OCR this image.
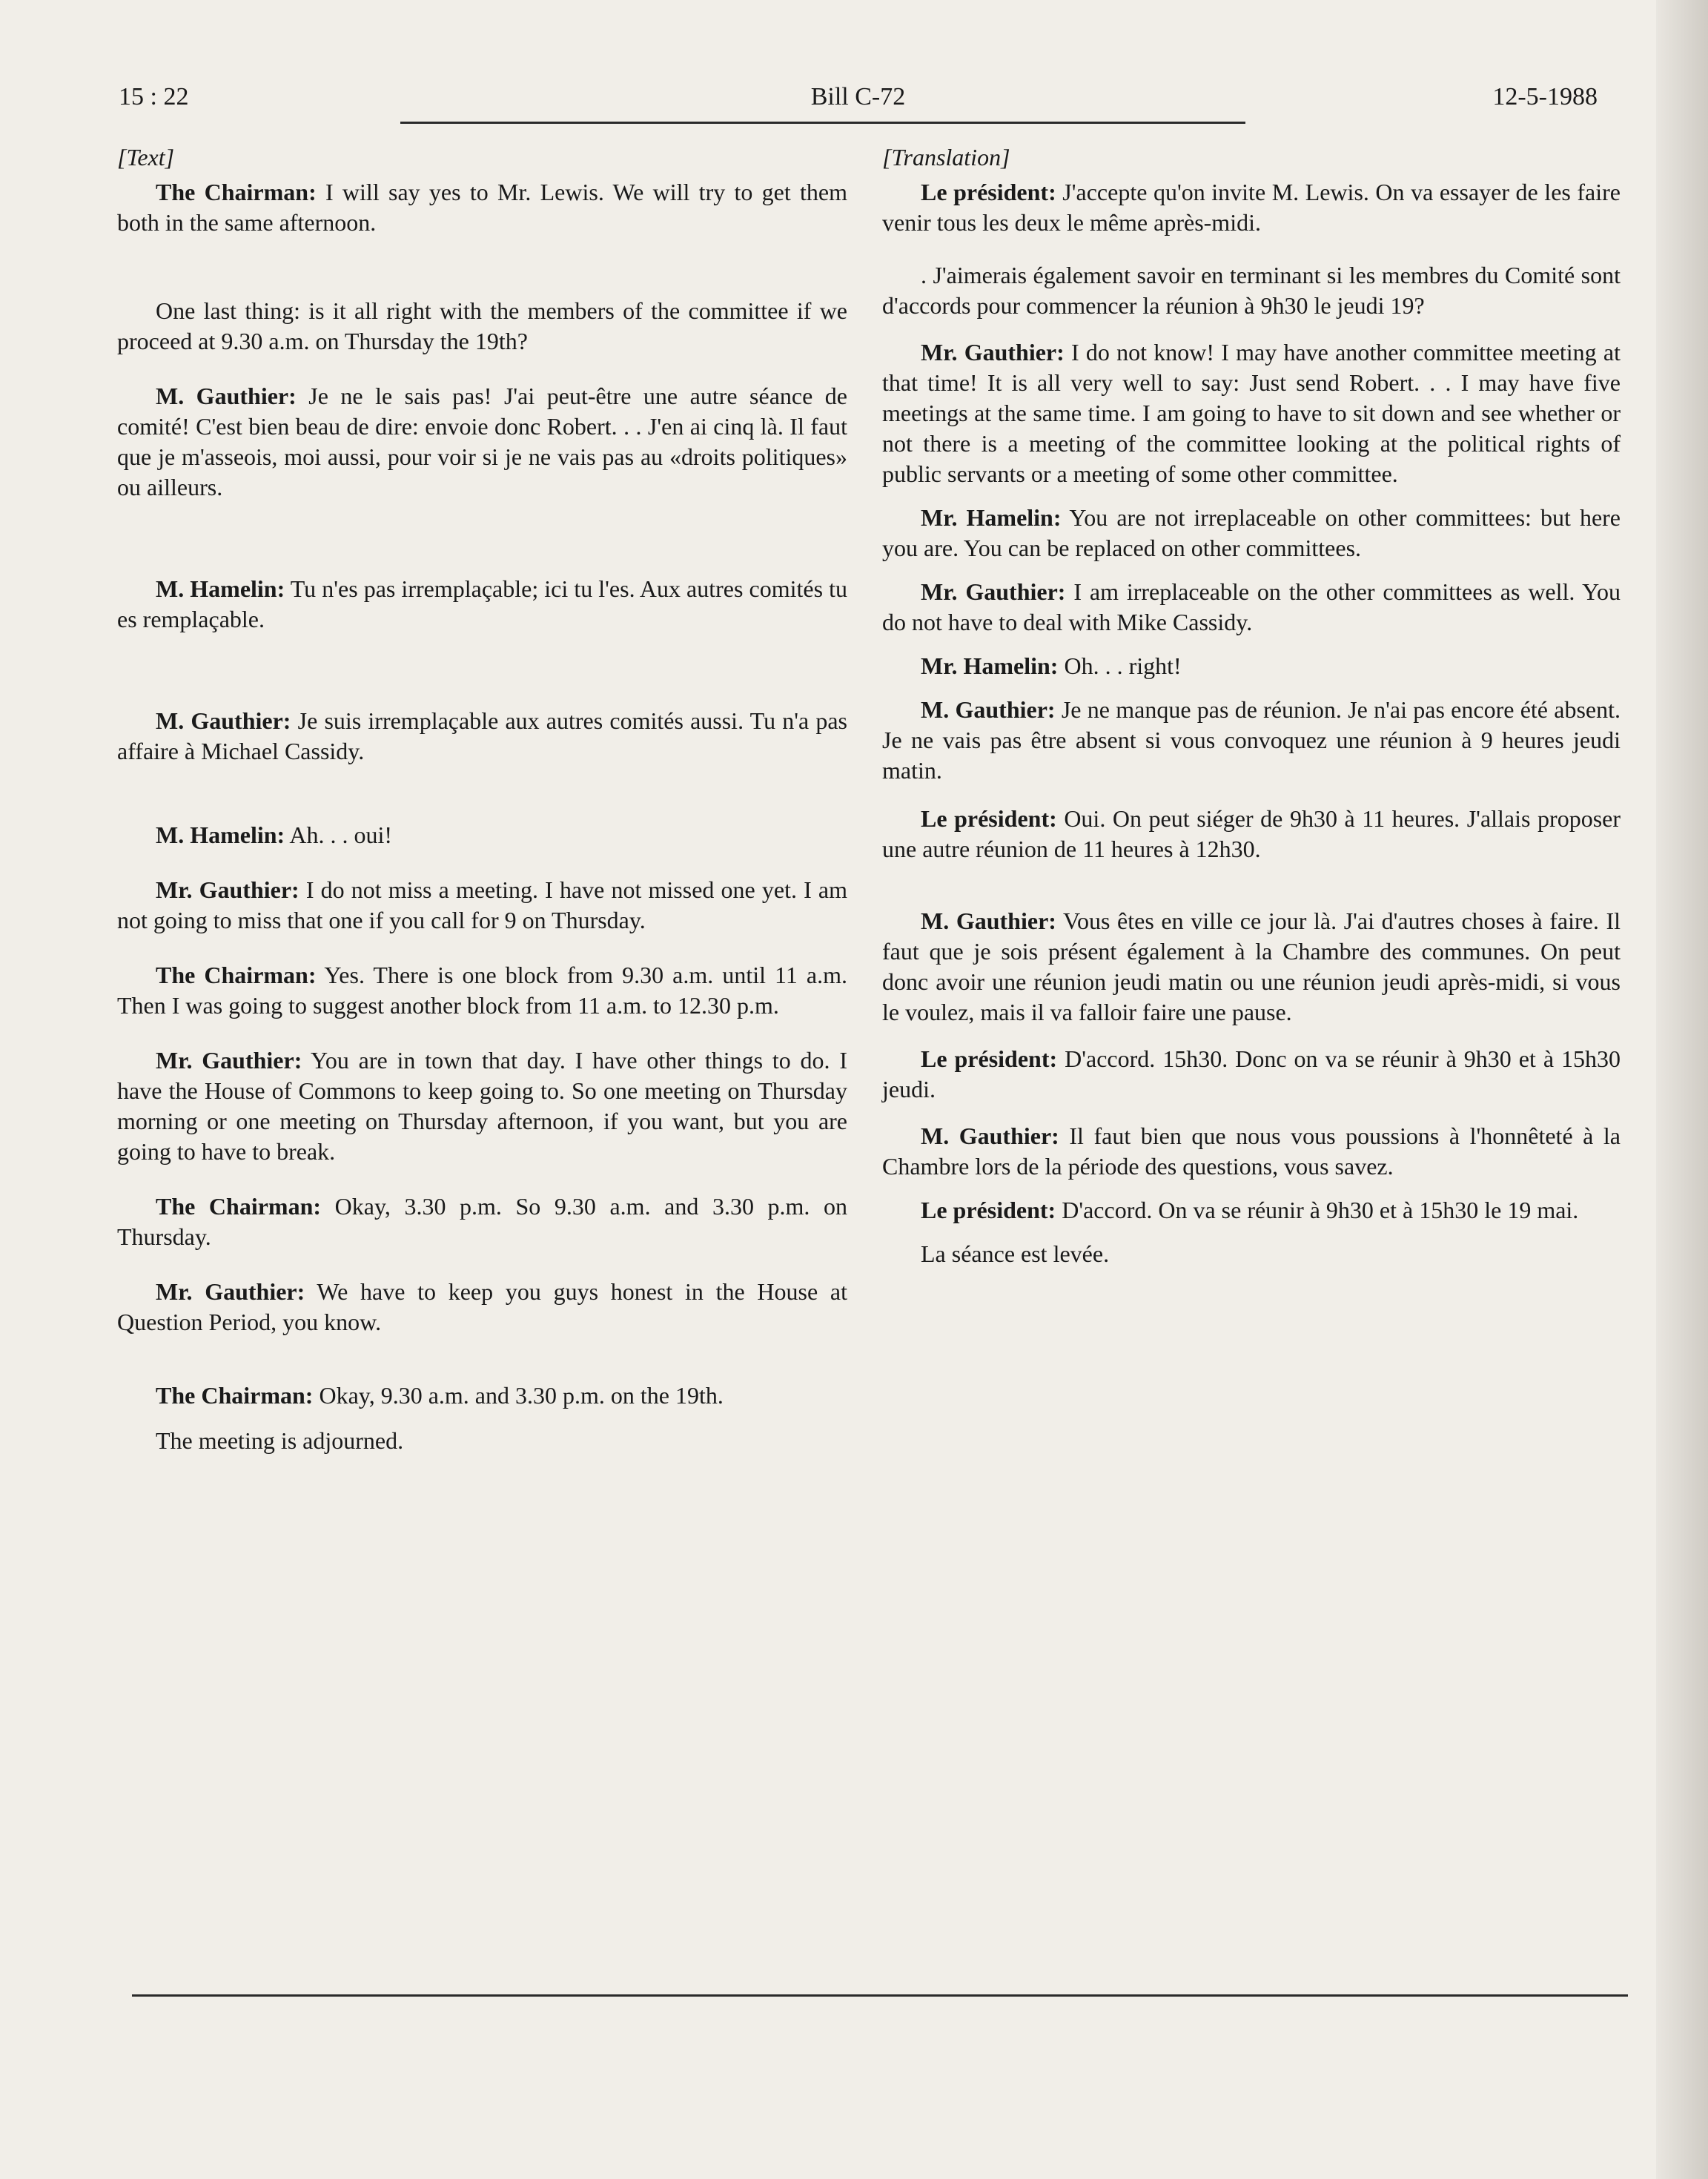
15 : 22	Bill C-72	12-5-1988
[Text]

The Chairman: I will say yes to Mr. Lewis. We will try to get them both in the same afternoon.

One last thing: is it all right with the members of the committee if we proceed at 9.30 a.m. on Thursday the 19th?

M. Gauthier: Je ne le sais pas! J'ai peut-être une autre séance de comité! C'est bien beau de dire: envoie donc Robert. . . J'en ai cinq là. Il faut que je m'asseois, moi aussi, pour voir si je ne vais pas au «droits politiques» ou ailleurs.

M. Hamelin: Tu n'es pas irremplaçable; ici tu l'es. Aux autres comités tu es remplaçable.

M. Gauthier: Je suis irremplaçable aux autres comités aussi. Tu n'a pas affaire à Michael Cassidy.

M. Hamelin: Ah. . . oui!

Mr. Gauthier: I do not miss a meeting. I have not missed one yet. I am not going to miss that one if you call for 9 on Thursday.

The Chairman: Yes. There is one block from 9.30 a.m. until 11 a.m. Then I was going to suggest another block from 11 a.m. to 12.30 p.m.

Mr. Gauthier: You are in town that day. I have other things to do. I have the House of Commons to keep going to. So one meeting on Thursday morning or one meeting on Thursday afternoon, if you want, but you are going to have to break.

The Chairman: Okay, 3.30 p.m. So 9.30 a.m. and 3.30 p.m. on Thursday.

Mr. Gauthier: We have to keep you guys honest in the House at Question Period, you know.

The Chairman: Okay, 9.30 a.m. and 3.30 p.m. on the 19th.

The meeting is adjourned.

[Translation]

Le président: J'accepte qu'on invite M. Lewis. On va essayer de les faire venir tous les deux le même après-midi.

. J'aimerais également savoir en terminant si les membres du Comité sont d'accords pour commencer la réunion à 9h30 le jeudi 19?

Mr. Gauthier: I do not know! I may have another committee meeting at that time! It is all very well to say: Just send Robert. . . I may have five meetings at the same time. I am going to have to sit down and see whether or not there is a meeting of the committee looking at the political rights of public servants or a meeting of some other committee.

Mr. Hamelin: You are not irreplaceable on other committees: but here you are. You can be replaced on other committees.

Mr. Gauthier: I am irreplaceable on the other committees as well. You do not have to deal with Mike Cassidy.

Mr. Hamelin: Oh. . . right!

M. Gauthier: Je ne manque pas de réunion. Je n'ai pas encore été absent. Je ne vais pas être absent si vous convoquez une réunion à 9 heures jeudi matin.

Le président: Oui. On peut siéger de 9h30 à 11 heures. J'allais proposer une autre réunion de 11 heures à 12h30.

M. Gauthier: Vous êtes en ville ce jour là. J'ai d'autres choses à faire. Il faut que je sois présent également à la Chambre des communes. On peut donc avoir une réunion jeudi matin ou une réunion jeudi après-midi, si vous le voulez, mais il va falloir faire une pause.

Le président: D'accord. 15h30. Donc on va se réunir à 9h30 et à 15h30 jeudi.

M. Gauthier: Il faut bien que nous vous poussions à l'honnêteté à la Chambre lors de la période des questions, vous savez.

Le président: D'accord. On va se réunir à 9h30 et à 15h30 le 19 mai.

La séance est levée.
